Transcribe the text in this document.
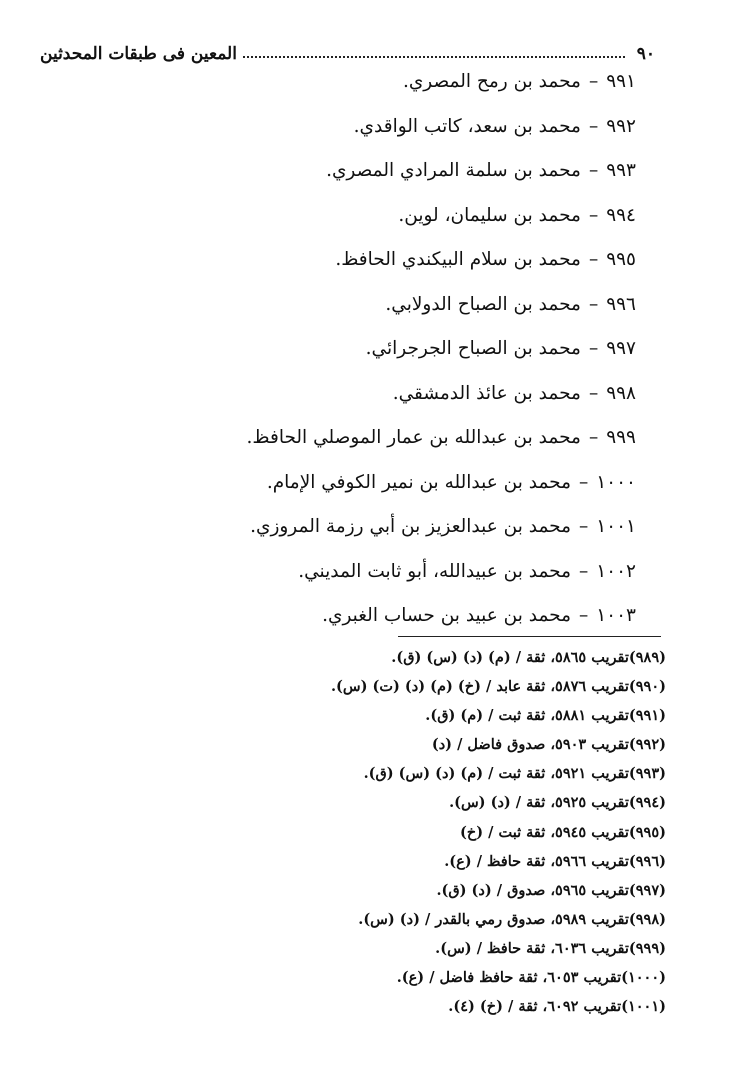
٩٠
المعين فى طبقات المحدثين
٩٩١–محمد بن رمح المصري.
٩٩٢–محمد بن سعد، كاتب الواقدي.
٩٩٣–محمد بن سلمة المرادي المصري.
٩٩٤–محمد بن سليمان، لوين.
٩٩٥–محمد بن سلام البيكندي الحافظ.
٩٩٦–محمد بن الصباح الدولابي.
٩٩٧–محمد بن الصباح الجرجرائي.
٩٩٨–محمد بن عائذ الدمشقي.
٩٩٩–محمد بن عبدالله بن عمار الموصلي الحافظ.
١٠٠٠–محمد بن عبدالله بن نمير الكوفي الإمام.
١٠٠١–محمد بن عبدالعزيز بن أبي رزمة المروزي.
١٠٠٢–محمد بن عبيدالله، أبو ثابت المديني.
١٠٠٣–محمد بن عبيد بن حساب الغبري.
(٩٨٩)تقريب ٥٨٦٥، ثقة / (م) (د) (س) (ق).
(٩٩٠)تقريب ٥٨٧٦، ثقة عابد / (خ) (م) (د) (ت) (س).
(٩٩١)تقريب ٥٨٨١، ثقة ثبت / (م) (ق).
(٩٩٢)تقريب ٥٩٠٣، صدوق فاضل / (د)
(٩٩٣)تقريب ٥٩٢١، ثقة ثبت / (م) (د) (س) (ق).
(٩٩٤)تقريب ٥٩٢٥، ثقة / (د) (س).
(٩٩٥)تقريب ٥٩٤٥، ثقة ثبت / (خ)
(٩٩٦)تقريب ٥٩٦٦، ثقة حافظ / (ع).
(٩٩٧)تقريب ٥٩٦٥، صدوق / (د) (ق).
(٩٩٨)تقريب ٥٩٨٩، صدوق رمي بالقدر / (د) (س).
(٩٩٩)تقريب ٦٠٣٦، ثقة حافظ / (س).
(١٠٠٠)تقريب ٦٠٥٣، ثقة حافظ فاضل / (ع).
(١٠٠١)تقريب ٦٠٩٢، ثقة / (خ) (٤).
